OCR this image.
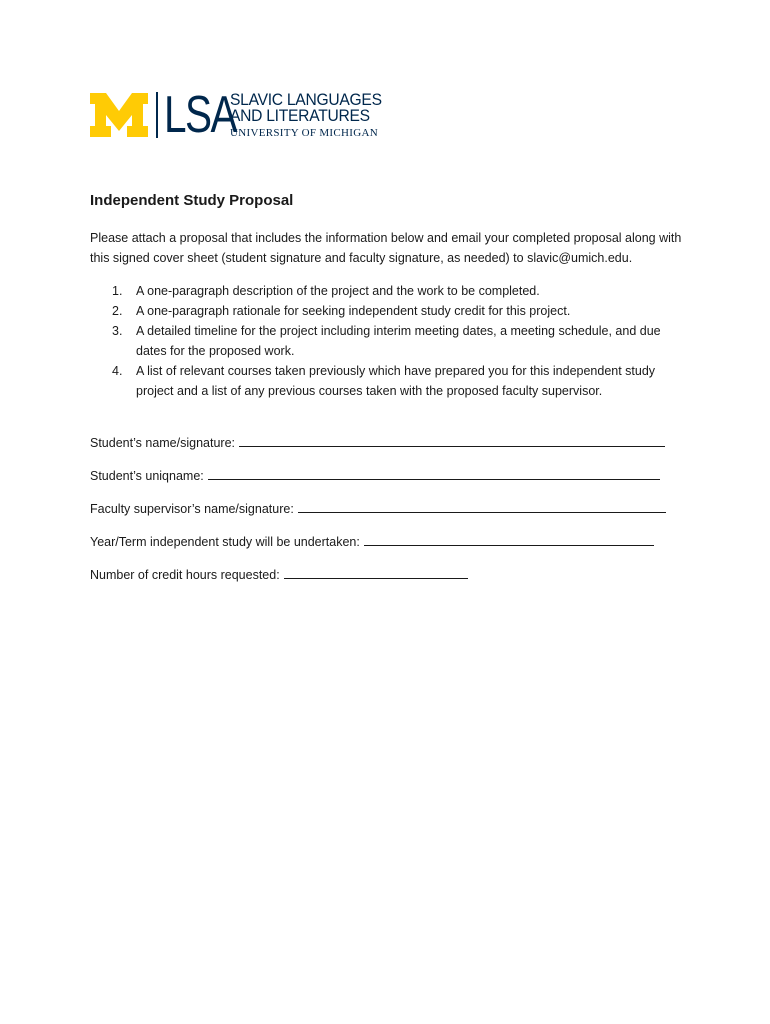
LSA
SLAVIC LANGUAGES
AND LITERATURES
UNIVERSITY OF MICHIGAN
Independent Study Proposal

Please attach a proposal that includes the information below and email your completed proposal along with this signed cover sheet (student signature and faculty signature, as needed) to slavic@umich.edu.

1.	A one-paragraph description of the project and the work to be completed.
2.	A one-paragraph rationale for seeking independent study credit for this project.
3.	A detailed timeline for the project including interim meeting dates, a meeting schedule, and due dates for the proposed work.
4.	A list of relevant courses taken previously which have prepared you for this independent study project and a list of any previous courses taken with the proposed faculty supervisor.
Student’s name/signature:
Student’s uniqname:
Faculty supervisor’s name/signature:
Year/Term independent study will be undertaken:
Number of credit hours requested:
